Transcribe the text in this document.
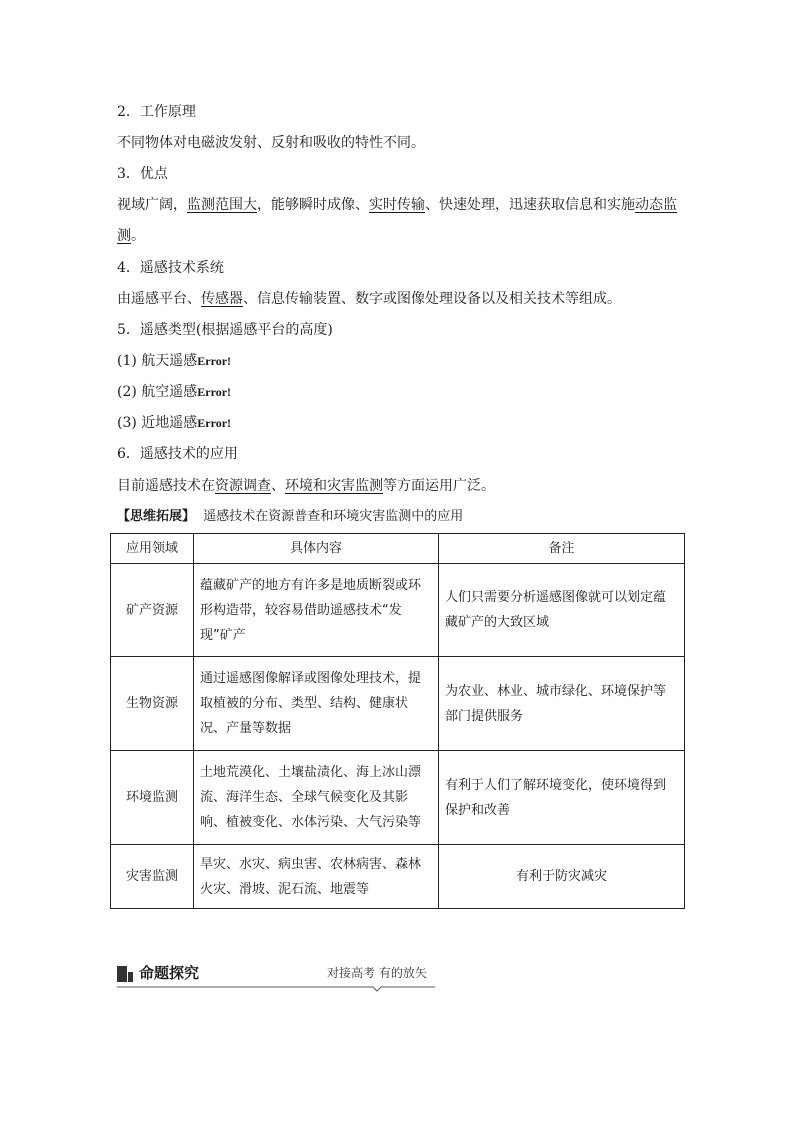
2．工作原理
不同物体对电磁波发射、反射和吸收的特性不同。
3．优点
视域广阔，监测范围大，能够瞬时成像、实时传输、快速处理，迅速获取信息和实施动态监
测。
4．遥感技术系统
由遥感平台、传感器、信息传输装置、数字或图像处理设备以及相关技术等组成。
5．遥感类型(根据遥感平台的高度)
(1) 航天遥感Error!
(2) 航空遥感Error!
(3) 近地遥感Error!
6．遥感技术的应用
目前遥感技术在资源调查、环境和灾害监测等方面运用广泛。
【思维拓展】 遥感技术在资源普查和环境灾害监测中的应用
应用领域	具体内容	备注
矿产资源	蕴藏矿产的地方有许多是地质断裂或环形构造带，较容易借助遥感技术“发现”矿产	人们只需要分析遥感图像就可以划定蕴藏矿产的大致区域
生物资源	通过遥感图像解译或图像处理技术，提取植被的分布、类型、结构、健康状况、产量等数据	为农业、林业、城市绿化、环境保护等部门提供服务
环境监测	土地荒漠化、土壤盐渍化、海上冰山漂流、海洋生态、全球气候变化及其影响、植被变化、水体污染、大气污染等	有利于人们了解环境变化，使环境得到保护和改善
灾害监测	旱灾、水灾、病虫害、农林病害、森林火灾、滑坡、泥石流、地震等	有利于防灾减灾
命题探究	对接高考 有的放矢
